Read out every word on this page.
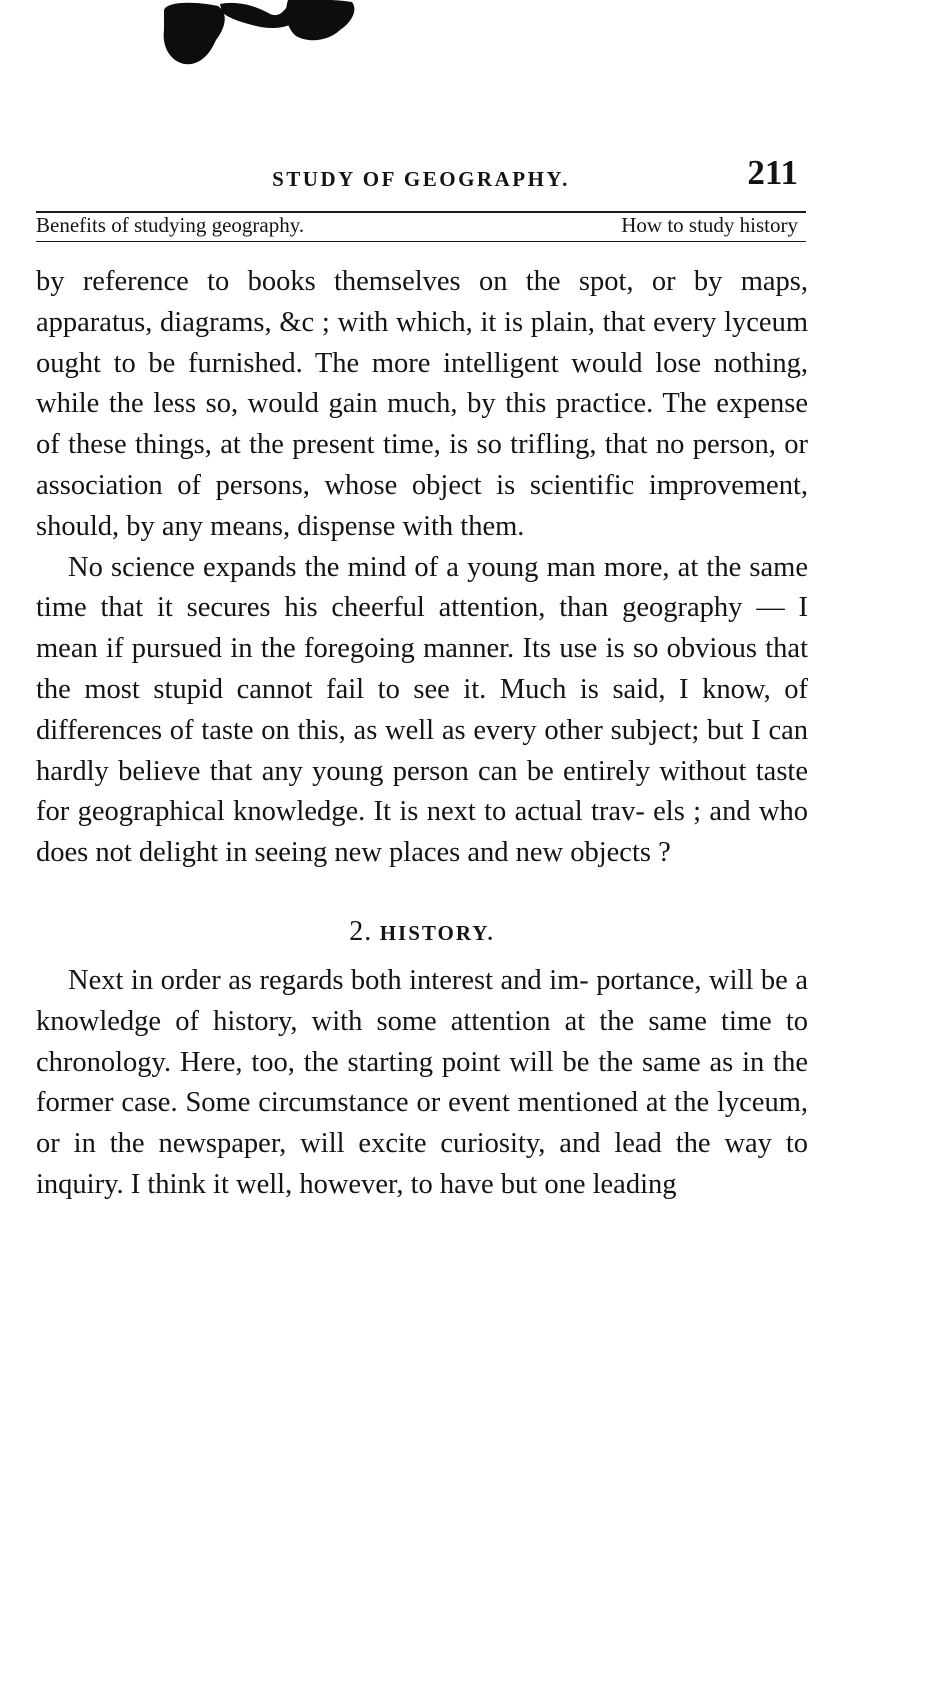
STUDY OF GEOGRAPHY.	211
Benefits of studying geography.	How to study history

by reference to books themselves on the spot, or by maps, apparatus, diagrams, &c ; with which, it is plain, that every lyceum ought to be furnished. The more intelligent would lose nothing, while the less so, would gain much, by this practice. The expense of these things, at the present time, is so trifling, that no person, or association of persons, whose object is scientific improvement, should, by any means, dispense with them.

No science expands the mind of a young man more, at the same time that it secures his cheerful attention, than geography — I mean if pursued in the foregoing manner. Its use is so obvious that the most stupid cannot fail to see it. Much is said, I know, of differences of taste on this, as well as every other subject; but I can hardly believe that any young person can be entirely without taste for geographical knowledge. It is next to actual trav- els ; and who does not delight in seeing new places and new objects ?

2. HISTORY.

Next in order as regards both interest and im- portance, will be a knowledge of history, with some attention at the same time to chronology. Here, too, the starting point will be the same as in the former case. Some circumstance or event mentioned at the lyceum, or in the newspaper, will excite curiosity, and lead the way to inquiry. I think it well, however, to have but one leading
